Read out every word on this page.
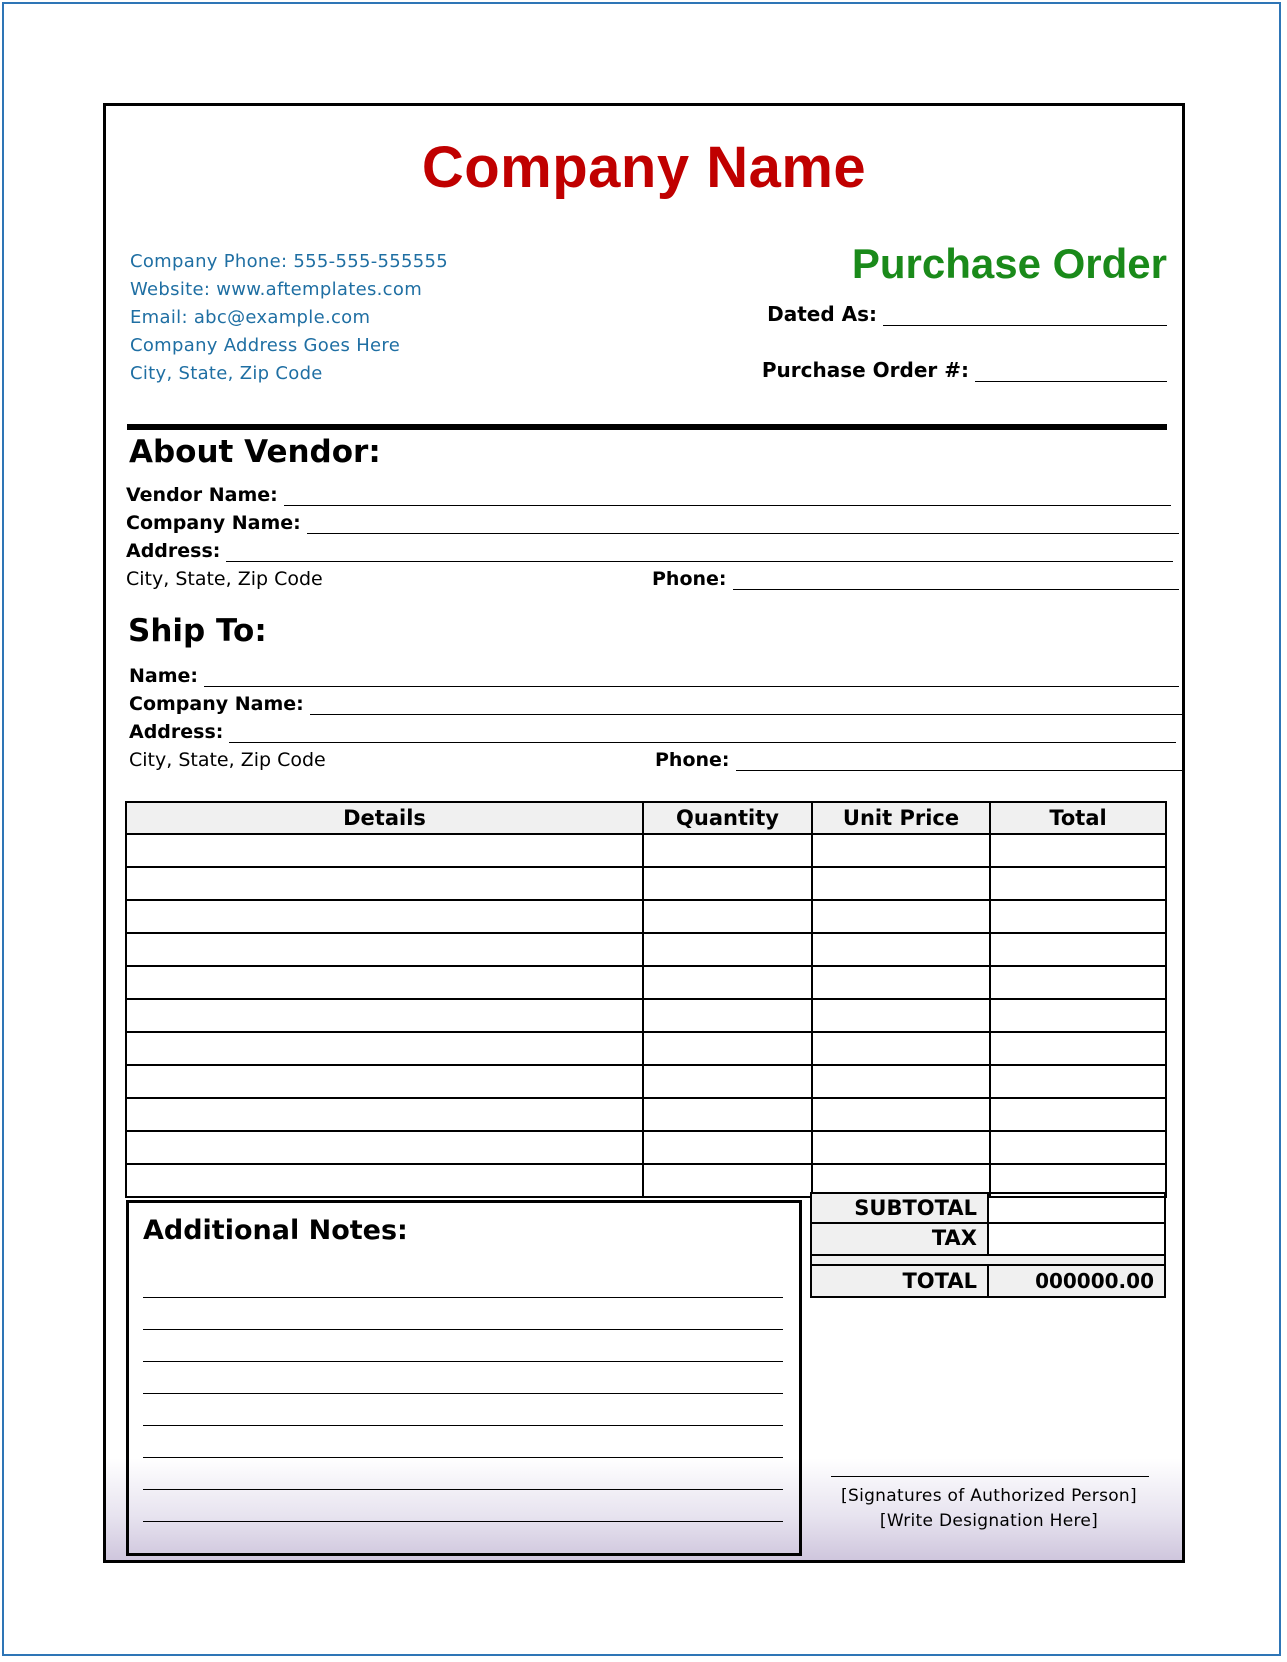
Company Name
Company Phone: 555-555-555555
Website: www.aftemplates.com
Email: abc@example.com
Company Address Goes Here
City, State, Zip Code
Purchase Order
Dated As:
Purchase Order #:
About Vendor:
Vendor Name:
Company Name:
Address:
City, State, Zip Code	Phone:
Ship To:
Name:
Company Name:
Address:
City, State, Zip Code	Phone:
Details	Quantity	Unit Price	Total

Additional Notes:
SUBTOTAL
TAX
TOTAL	000000.00
[Signatures of Authorized Person]
[Write Designation Here]
